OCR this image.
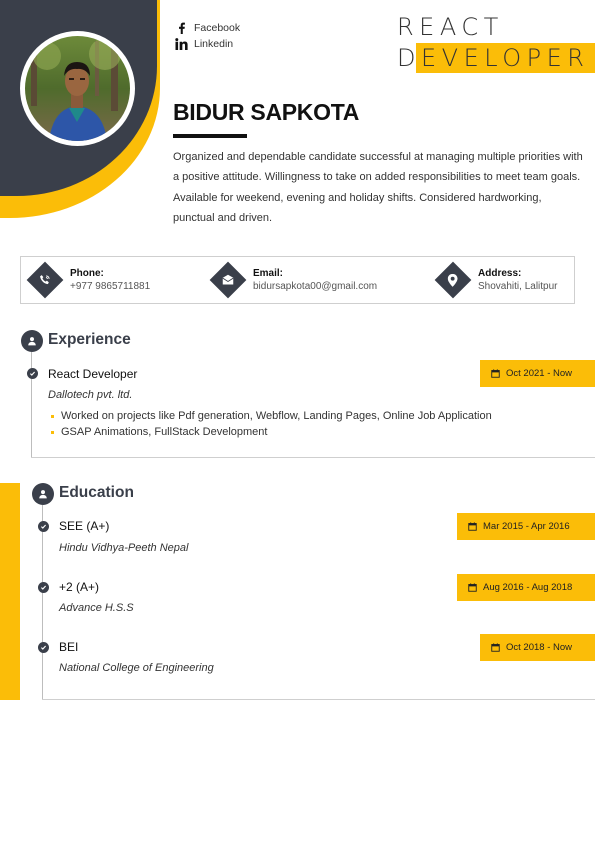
Facebook
Linkedin
REACT
DEVELOPER
BIDUR SAPKOTA

Organized and dependable candidate successful at managing multiple priorities with a positive attitude. Willingness to take on added responsibilities to meet team goals. Available for weekend, evening and holiday shifts. Considered hardworking, punctual and driven.

Phone:
+977 9865711881
Email:
bidursapkota00@gmail.com
Address:
Shovahiti, Lalitpur
Experience
React Developer
Dallotech pvt. ltd.
Oct 2021 - Now
Worked on projects like Pdf generation, Webflow, Landing Pages, Online Job Application
GSAP Animations, FullStack Development
Education
SEE (A+)
Hindu Vidhya-Peeth Nepal
Mar 2015 - Apr 2016
+2 (A+)
Advance H.S.S
Aug 2016 - Aug 2018
BEI
National College of Engineering
Oct 2018 - Now
